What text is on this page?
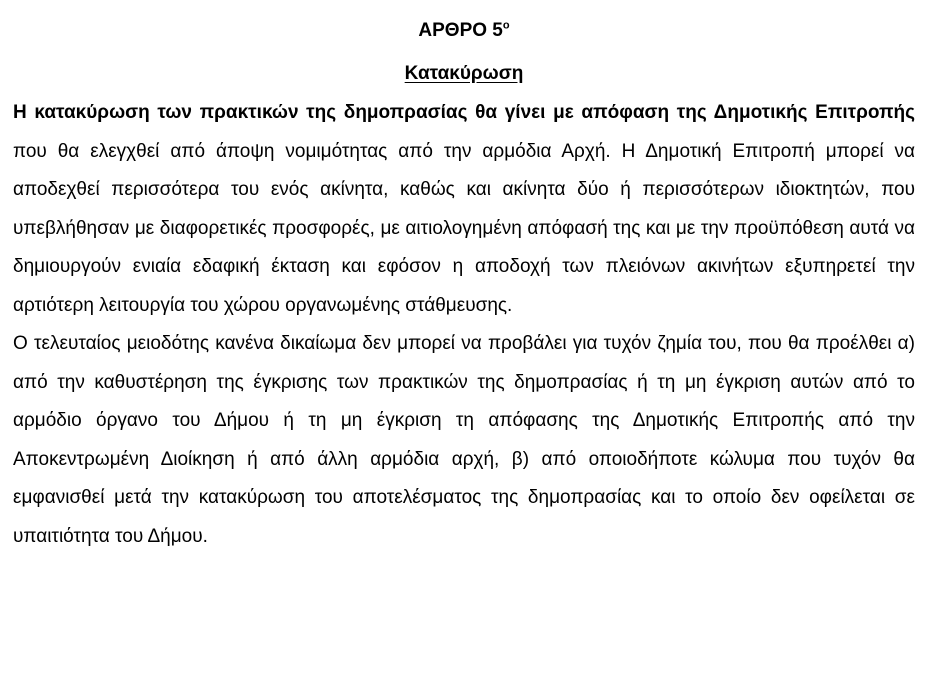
ΑΡΘΡΟ $5^o$
Κατακύρωση

Η κατακύρωση των πρακτικών της δημοπρασίας θα γίνει με απόφαση της Δημοτικής Επιτροπής που θα ελεγχθεί από άποψη νομιμότητας από την αρμόδια Αρχή. Η Δημοτική Επιτροπή μπορεί να αποδεχθεί περισσότερα του ενός ακίνητα, καθώς και ακίνητα δύο ή περισσότερων ιδιοκτητών, που υπεβλήθησαν με διαφορετικές προσφορές, με αιτιολογημένη απόφασή της και με την προϋπόθεση αυτά να δημιουργούν ενιαία εδαφική έκταση και εφόσον η αποδοχή των πλειόνων ακινήτων εξυπηρετεί την αρτιότερη λειτουργία του χώρου οργανωμένης στάθμευσης.

Ο τελευταίος μειοδότης κανένα δικαίωμα δεν μπορεί να προβάλει για τυχόν ζημία του, που θα προέλθει α) από την καθυστέρηση της έγκρισης των πρακτικών της δημοπρασίας ή τη μη έγκριση αυτών από το αρμόδιο όργανο του Δήμου ή τη μη έγκριση τη απόφασης της Δημοτικής Επιτροπής από την Αποκεντρωμένη Διοίκηση ή από άλλη αρμόδια αρχή, β) από οποιοδήποτε κώλυμα που τυχόν θα εμφανισθεί μετά την κατακύρωση του αποτελέσματος της δημοπρασίας και το οποίο δεν οφείλεται σε υπαιτιότητα του Δήμου.
